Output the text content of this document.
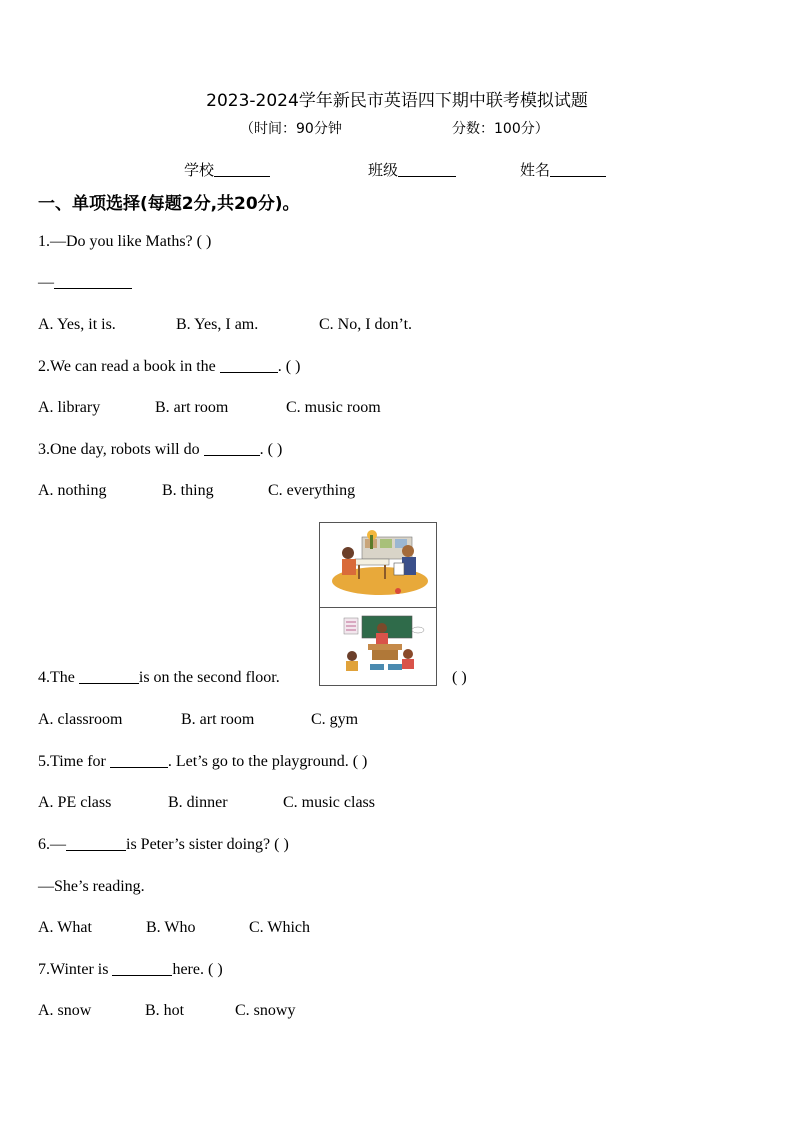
2023-2024学年新民市英语四下期中联考模拟试题
（时间：90分钟	分数：100分）
学校	班级	姓名
一、单项选择(每题2分,共20分)。
1.—Do you like Maths? ( )
—
A. Yes, it is.	B. Yes, I am.	C. No, I don’t.
2.We can read a book in the	. ( )
A. library	B. art room	C. music room
3.One day, robots will do	. ( )
A. nothing	B. thing	C. everything
4.The	is on the second floor.	( )
A. classroom	B. art room	C. gym
5.Time for	. Let’s go to the playground. ( )
A. PE class	B. dinner	C. music class
6.—	is Peter’s sister doing? ( )
—She’s reading.
A. What	B. Who	C. Which
7.Winter is	here. ( )
A. snow	B. hot	C. snowy
